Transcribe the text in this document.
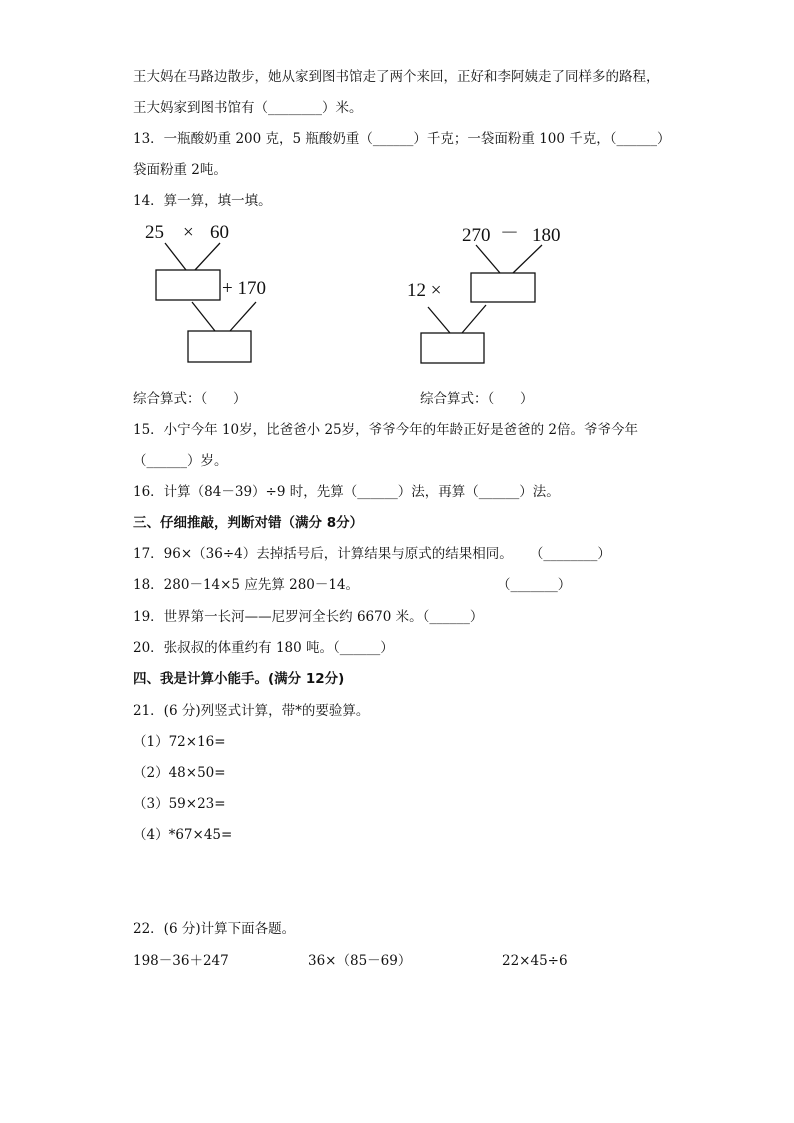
王大妈在马路边散步，她从家到图书馆走了两个来回，正好和李阿姨走了同样多的路程，
王大妈家到图书馆有（________）米。
13．一瓶酸奶重 200 克，5 瓶酸奶重（______）千克；一袋面粉重 100 千克，（______）
袋面粉重 2吨。
14．算一算，填一填。
25 × 60
+ 170
270 － 180
12 ×
综合算式：（      ）	综合算式：（      ）
15．小宁今年 10岁，比爸爸小 25岁，爷爷今年的年龄正好是爸爸的 2倍。爷爷今年
（______）岁。
16．计算（84－39）÷9 时，先算（______）法，再算（______）法。
三、仔细推敲，判断对错（满分 8分）
17．96×（36÷4）去掉括号后，计算结果与原式的结果相同。    （________）
18．280－14×5 应先算 280－14。	（_______）
19．世界第一长河——尼罗河全长约 6670 米。（______）
20．张叔叔的体重约有 180 吨。（______）
四、我是计算小能手。(满分 12分)
21．(6 分)列竖式计算，带*的要验算。
（1）72×16=
（2）48×50=
（3）59×23=
（4）*67×45=
22．(6 分)计算下面各题。
198－36＋247	36×（85－69）	22×45÷6
